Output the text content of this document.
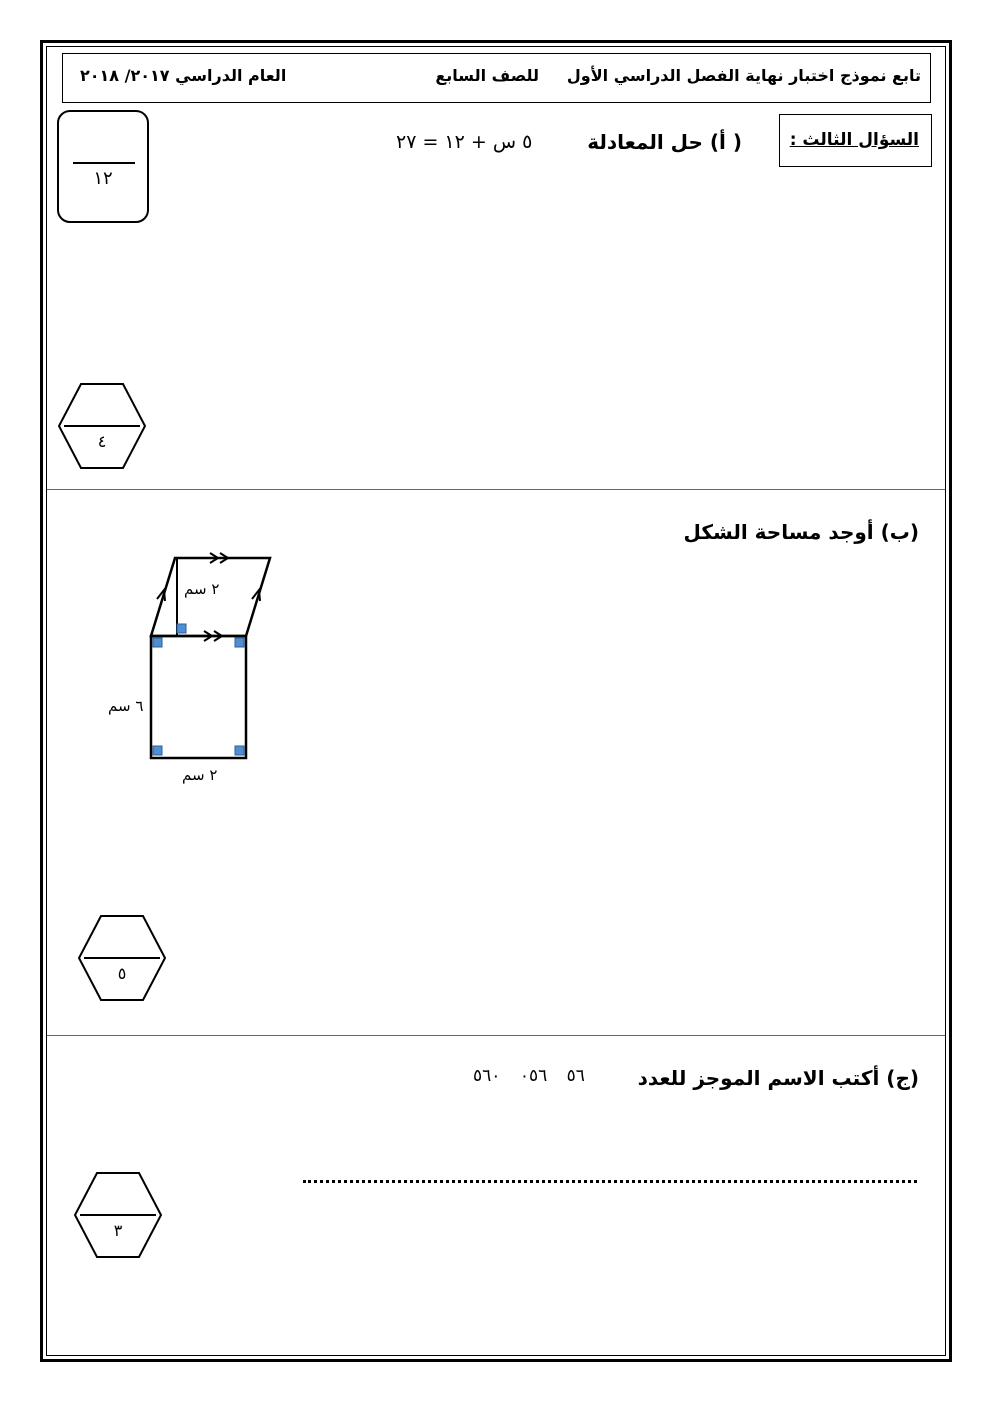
تابع نموذج اختبار نهاية الفصل الدراسي الأول
للصف السابع
العام الدراسي ٢٠١٧/ ٢٠١٨
السؤال الثالث :
١٢
( أ) حل المعادلة
٥ س + ١٢ = ٢٧
٤
(ب) أوجد مساحة الشكل
٢ سم
٦ سم
٢ سم
٥
(ج) أكتب الاسم الموجز للعدد
٥٦ ٠٥٦ ٥٦٠
٣
